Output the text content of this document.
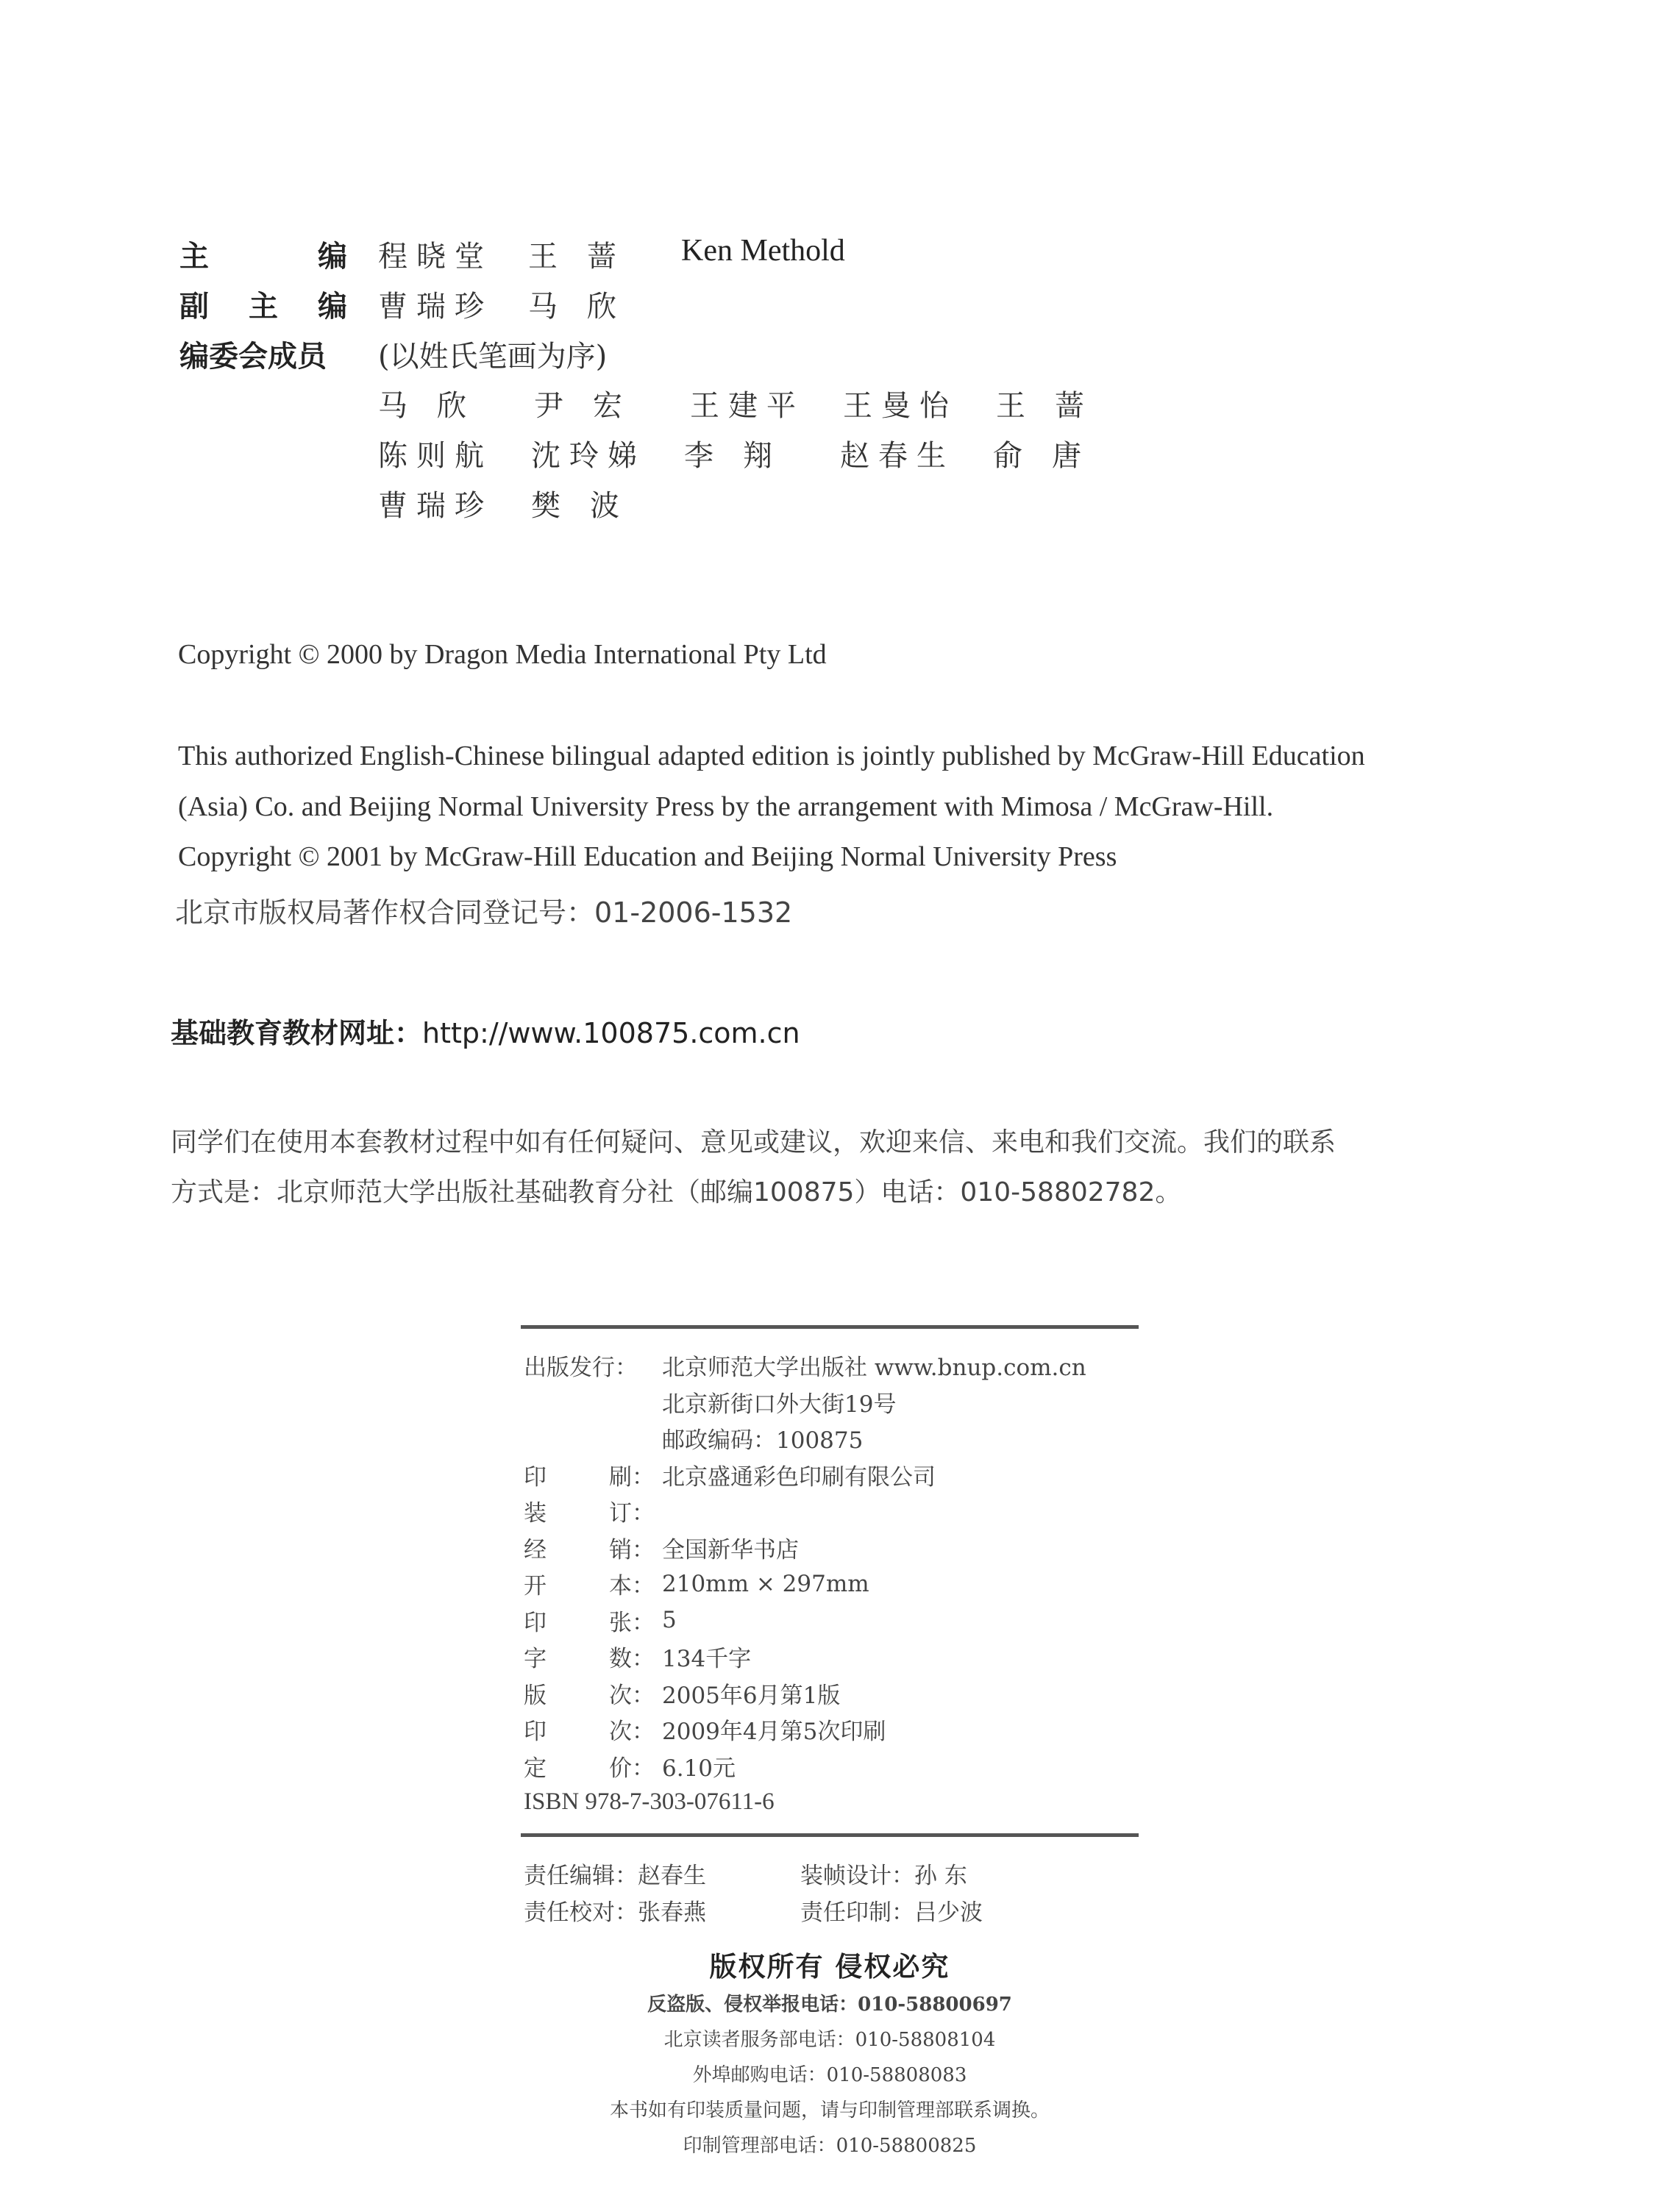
主	编 程晓堂 王蔷 Ken Methold
副 主 编 曹瑞珍 马欣
编委会成员 (以姓氏笔画为序)
马欣 尹宏 王建平 王曼怡 王蔷
陈则航 沈玲娣 李翔 赵春生 俞唐
曹瑞珍 樊波
Copyright © 2000 by Dragon Media International Pty Ltd
This authorized English-Chinese bilingual adapted edition is jointly published by McGraw-Hill Education
(Asia) Co. and Beijing Normal University Press by the arrangement with Mimosa / McGraw-Hill.
Copyright © 2001 by McGraw-Hill Education and Beijing Normal University Press
北京市版权局著作权合同登记号：01-2006-1532
基础教育教材网址：http://www.100875.com.cn
同学们在使用本套教材过程中如有任何疑问、意见或建议，欢迎来信、来电和我们交流。我们的联系
方式是：北京师范大学出版社基础教育分社（邮编100875）电话：010-58802782。
出版发行 ： 北京师范大学出版社 www.bnup.com.cn
北京新街口外大街19号
邮政编码：100875
印	刷： 北京盛通彩色印刷有限公司
装	订：
经	销： 全国新华书店
开	本： 210mm × 297mm
印	张： 5
字	数： 134千字
版	次： 2005年6月第1版
印	次： 2009年4月第5次印刷
定	价： 6.10元
ISBN 978-7-303-07611-6
责任编辑：赵春生	装帧设计：孙 东
责任校对：张春燕	责任印制：吕少波
版权所有 侵权必究
反盗版、侵权举报电话：010-58800697
北京读者服务部电话：010-58808104
外埠邮购电话：010-58808083
本书如有印装质量问题，请与印制管理部联系调换。
印制管理部电话：010-58800825
